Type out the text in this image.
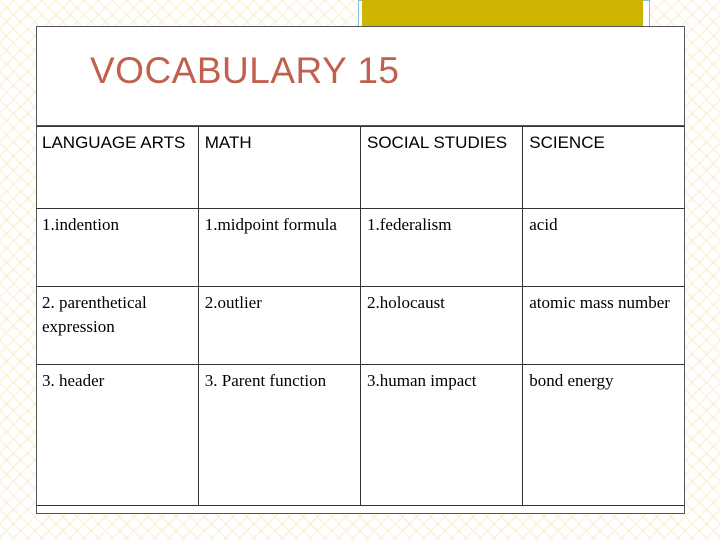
VOCABULARY 15
LANGUAGE ARTS	MATH	SOCIAL STUDIES	SCIENCE
1.indention	1.midpoint formula	1.federalism	acid
2. parenthetical expression	2.outlier	2.holocaust	atomic mass number
3. header	3. Parent function	3.human impact	bond energy
